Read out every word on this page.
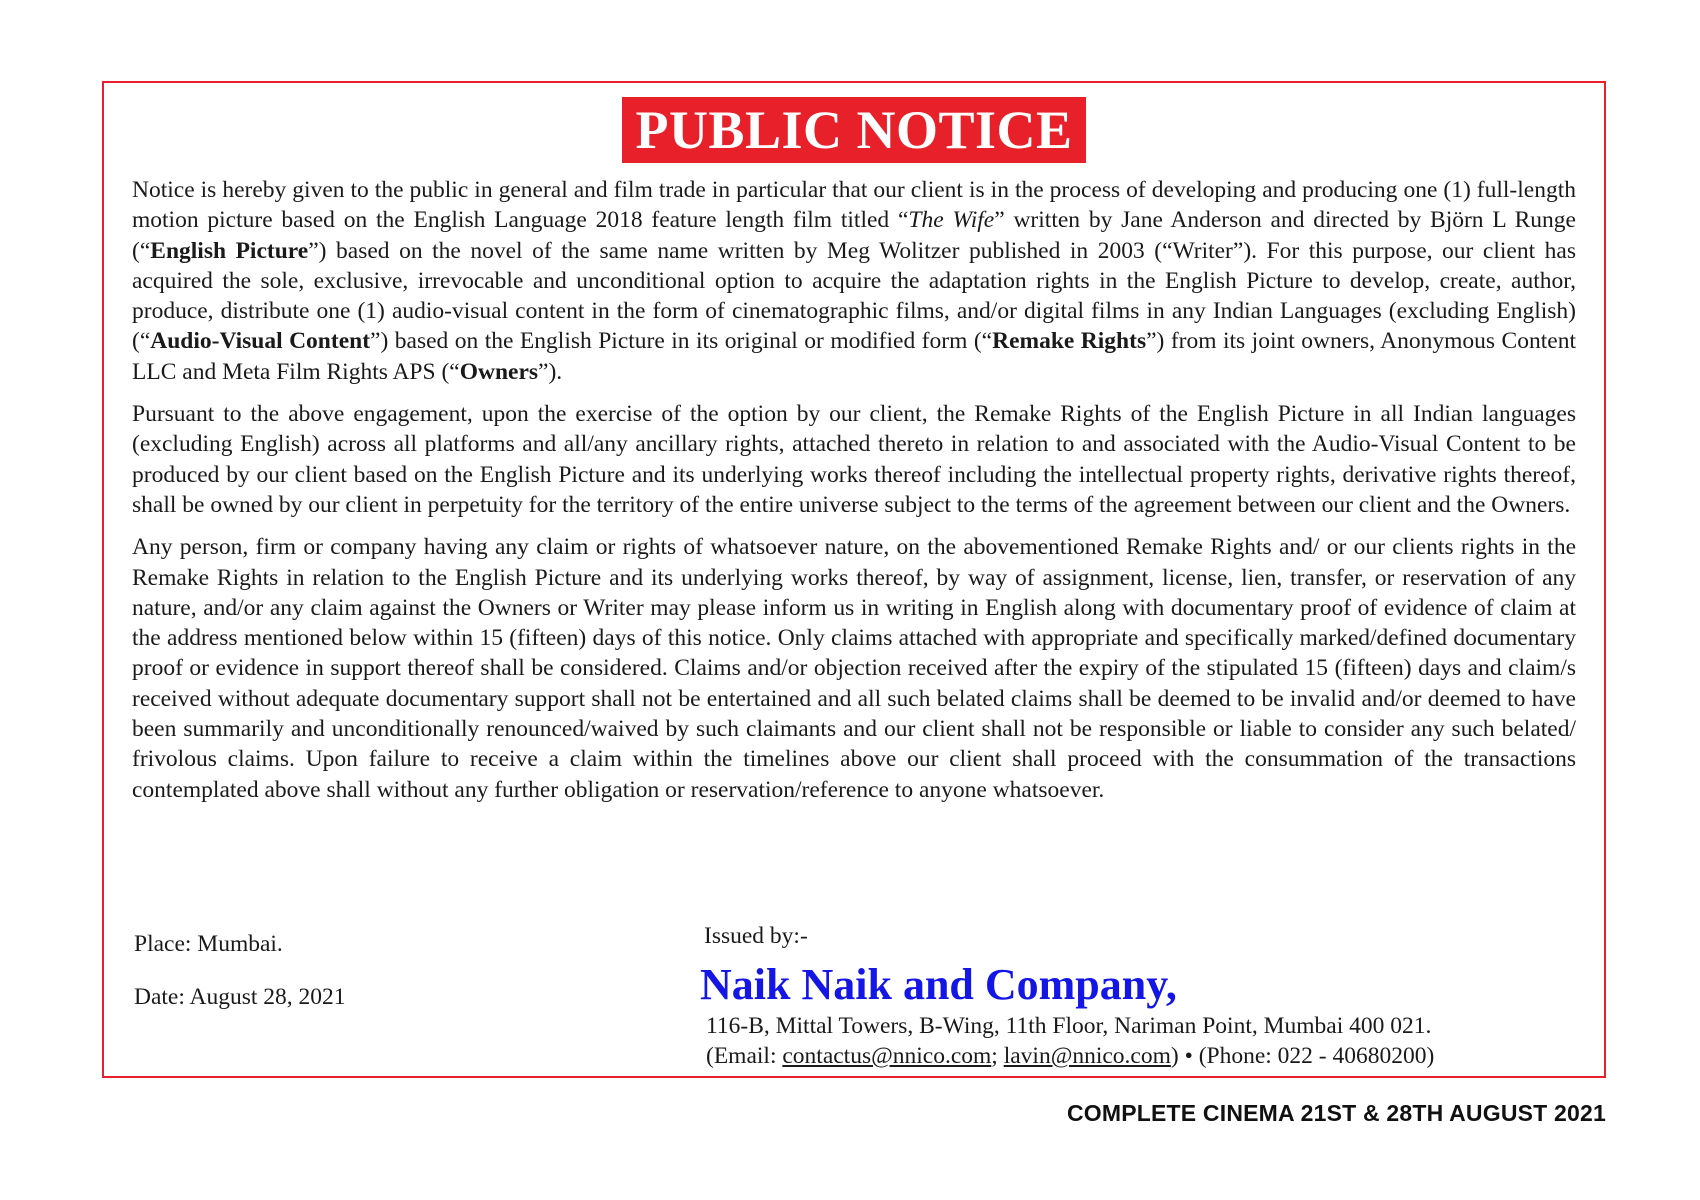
PUBLIC NOTICE

Notice is hereby given to the public in general and film trade in particular that our client is in the process of developing and producing one (1) full-length motion picture based on the English Language 2018 feature length film titled “The Wife” written by Jane Anderson and directed by Björn L Runge (“English Picture”) based on the novel of the same name written by Meg Wolitzer published in 2003 (“Writer”). For this purpose, our client has acquired the sole, exclusive, irrevocable and unconditional option to acquire the adaptation rights in the English Picture to develop, create, author, produce, distribute one (1) audio-visual content in the form of cinematographic films, and/or digital films in any Indian Languages (excluding English) (“Audio-Visual Content”) based on the English Picture in its original or modified form (“Remake Rights”) from its joint owners, Anonymous Content LLC and Meta Film Rights APS (“Owners”).

Pursuant to the above engagement, upon the exercise of the option by our client, the Remake Rights of the English Picture in all Indian languages (excluding English) across all platforms and all/any ancillary rights, attached thereto in relation to and associated with the Audio-Visual Content to be produced by our client based on the English Picture and its underlying works thereof including the intellectual property rights, derivative rights thereof, shall be owned by our client in perpetuity for the territory of the entire universe subject to the terms of the agreement between our client and the Owners.

Any person, firm or company having any claim or rights of whatsoever nature, on the abovementioned Remake Rights and/ or our clients rights in the Remake Rights in relation to the English Picture and its underlying works thereof, by way of assignment, license, lien, transfer, or reservation of any nature, and/or any claim against the Owners or Writer may please inform us in writing in English along with documentary proof of evidence of claim at the address mentioned below within 15 (fifteen) days of this notice. Only claims attached with appropriate and specifically marked/defined documentary proof or evidence in support thereof shall be considered. Claims and/or objection received after the expiry of the stipulated 15 (fifteen) days and claim/s received without adequate documentary support shall not be entertained and all such belated claims shall be deemed to be invalid and/or deemed to have been summarily and unconditionally renounced/waived by such claimants and our client shall not be responsible or liable to consider any such belated/ frivolous claims. Upon failure to receive a claim within the timelines above our client shall proceed with the consummation of the transactions contemplated above shall without any further obligation or reservation/reference to anyone whatsoever.

Place: Mumbai.
Date: August 28, 2021
Issued by:-
Naik Naik and Company,
116-B, Mittal Towers, B-Wing, 11th Floor, Nariman Point, Mumbai 400 021.
(Email: contactus@nnico.com; lavin@nnico.com) • (Phone: 022 - 40680200)
COMPLETE CINEMA 21ST & 28TH AUGUST 2021
